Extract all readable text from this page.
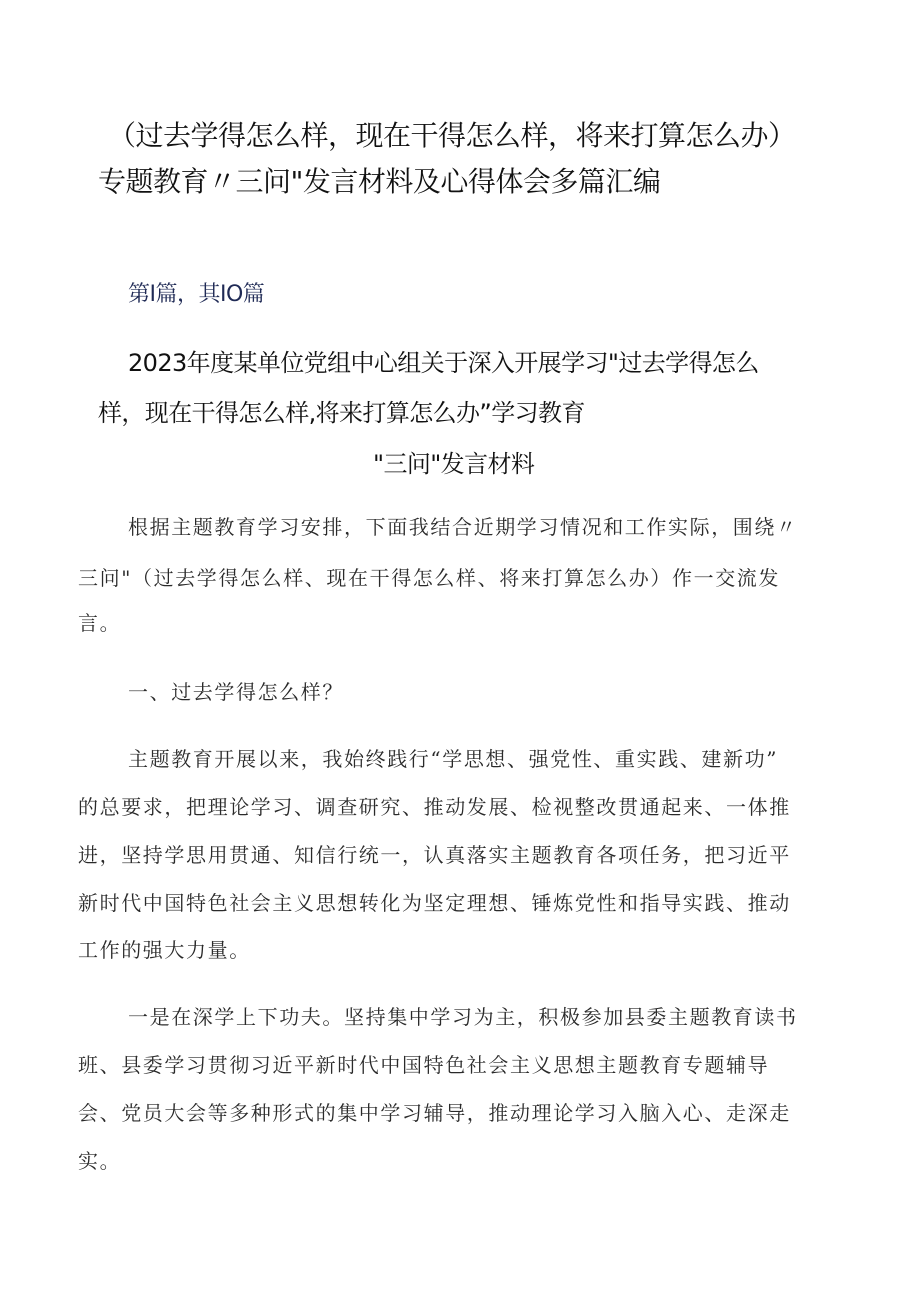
（过去学得怎么样，现在干得怎么样，将来打算怎么办）

专题教育〃三问"发言材料及心得体会多篇汇编

第I篇，其IO篇

2023年度某单位党组中心组关于深入开展学习"过去学得怎么

样，现在干得怎么样,将来打算怎么办”学习教育

"三问"发言材料

根据主题教育学习安排，下面我结合近期学习情况和工作实际，围绕〃

三问"（过去学得怎么样、现在干得怎么样、将来打算怎么办）作一交流发

言。

一、过去学得怎么样？

主题教育开展以来，我始终践行“学思想、强党性、重实践、建新功”

的总要求，把理论学习、调查研究、推动发展、检视整改贯通起来、一体推

进，坚持学思用贯通、知信行统一，认真落实主题教育各项任务，把习近平

新时代中国特色社会主义思想转化为坚定理想、锤炼党性和指导实践、推动

工作的强大力量。

一是在深学上下功夫。坚持集中学习为主，积极参加县委主题教育读书

班、县委学习贯彻习近平新时代中国特色社会主义思想主题教育专题辅导

会、党员大会等多种形式的集中学习辅导，推动理论学习入脑入心、走深走

实。
